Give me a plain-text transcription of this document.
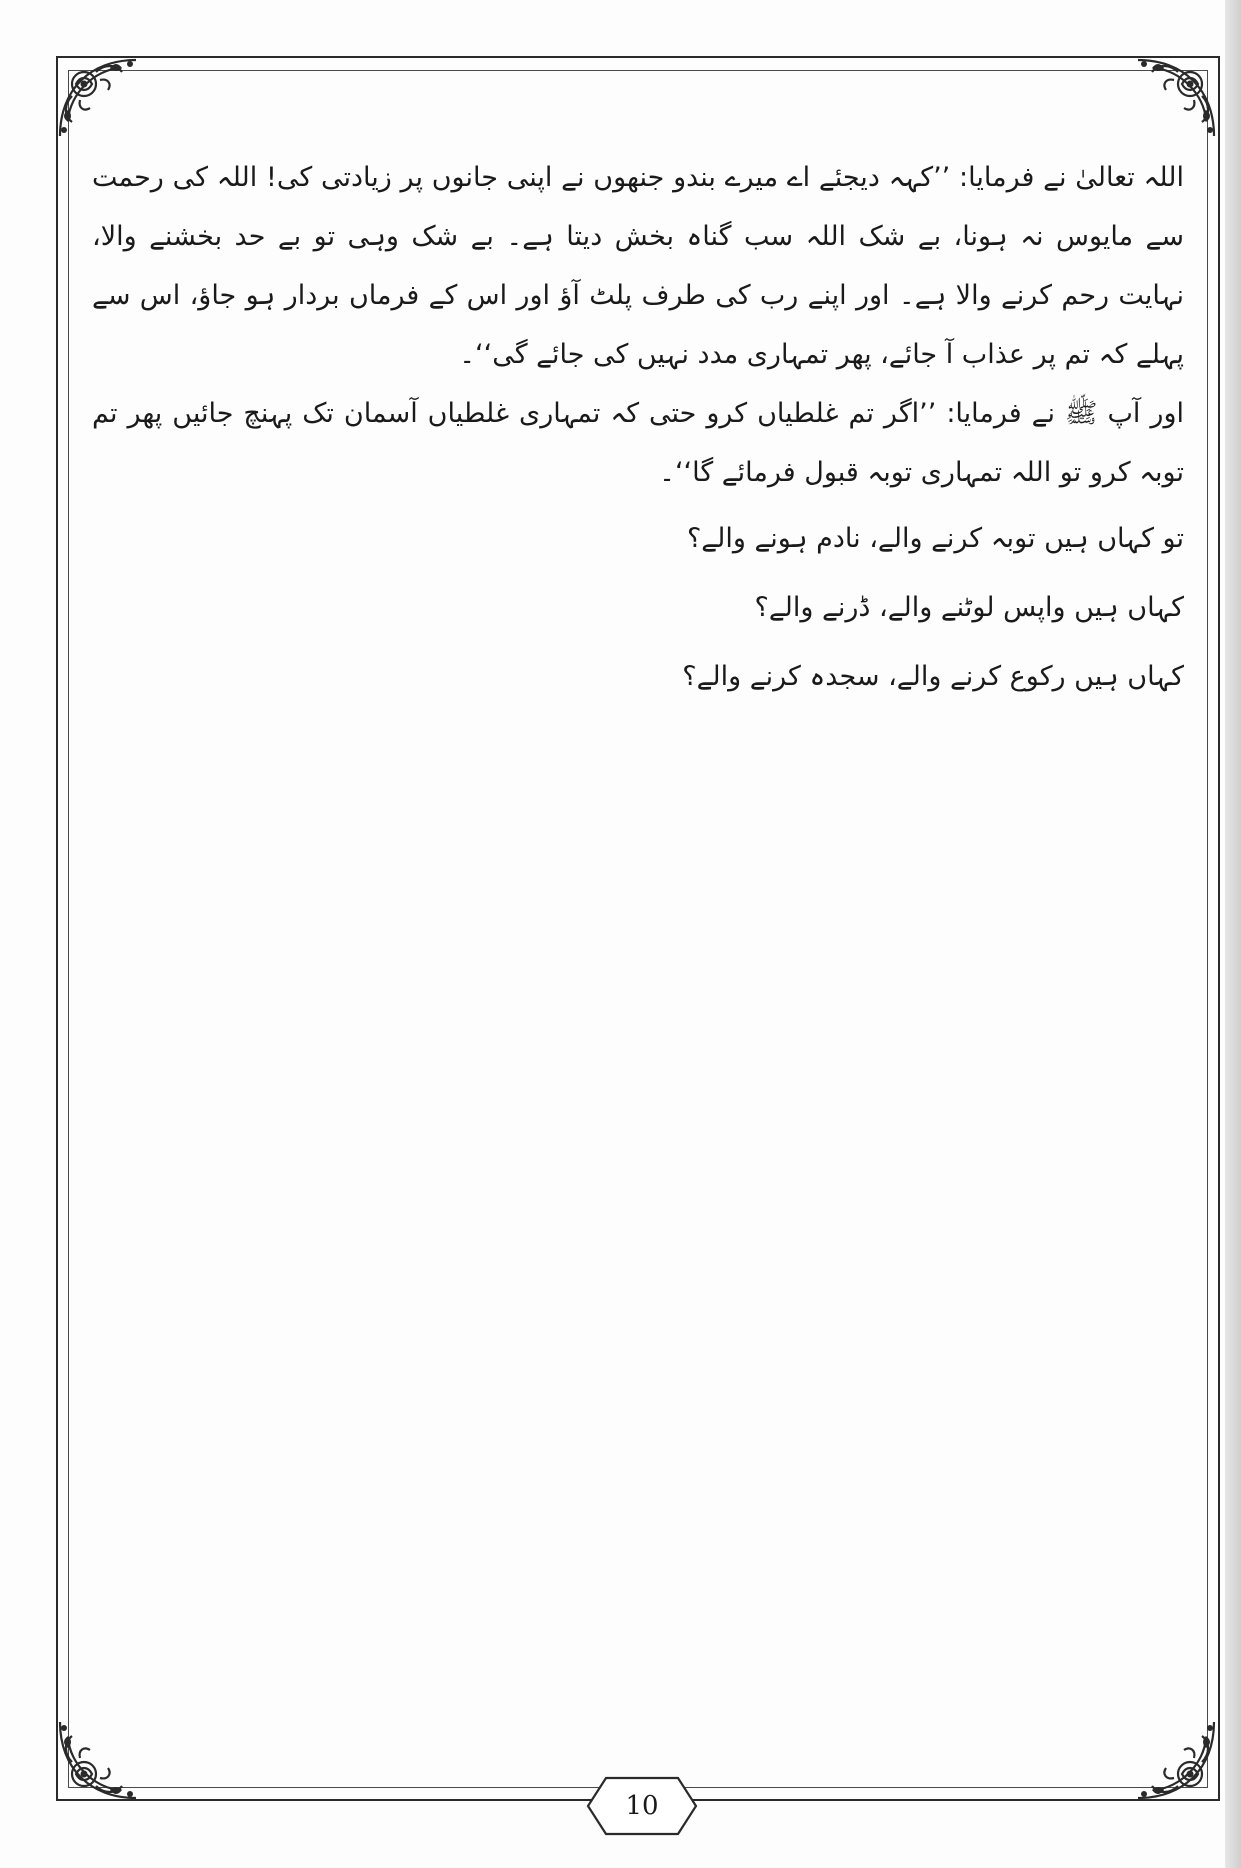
اللہ تعالیٰ نے فرمایا: ’’کہہ دیجئے اے میرے بندو جنھوں نے اپنی جانوں پر زیادتی کی! اللہ کی رحمت سے مایوس نہ ہونا، بے شک اللہ سب گناہ بخش دیتا ہے۔ بے شک وہی تو بے حد بخشنے والا، نہایت رحم کرنے والا ہے۔ اور اپنے رب کی طرف پلٹ آؤ اور اس کے فرماں بردار ہو جاؤ، اس سے پہلے کہ تم پر عذاب آ جائے، پھر تمہاری مدد نہیں کی جائے گی‘‘۔

اور آپ ﷺ نے فرمایا: ’’اگر تم غلطیاں کرو حتی کہ تمہاری غلطیاں آسمان تک پہنچ جائیں پھر تم توبہ کرو تو اللہ تمہاری توبہ قبول فرمائے گا‘‘۔

تو کہاں ہیں توبہ کرنے والے، نادم ہونے والے؟

کہاں ہیں واپس لوٹنے والے، ڈرنے والے؟

کہاں ہیں رکوع کرنے والے، سجدہ کرنے والے؟

10
